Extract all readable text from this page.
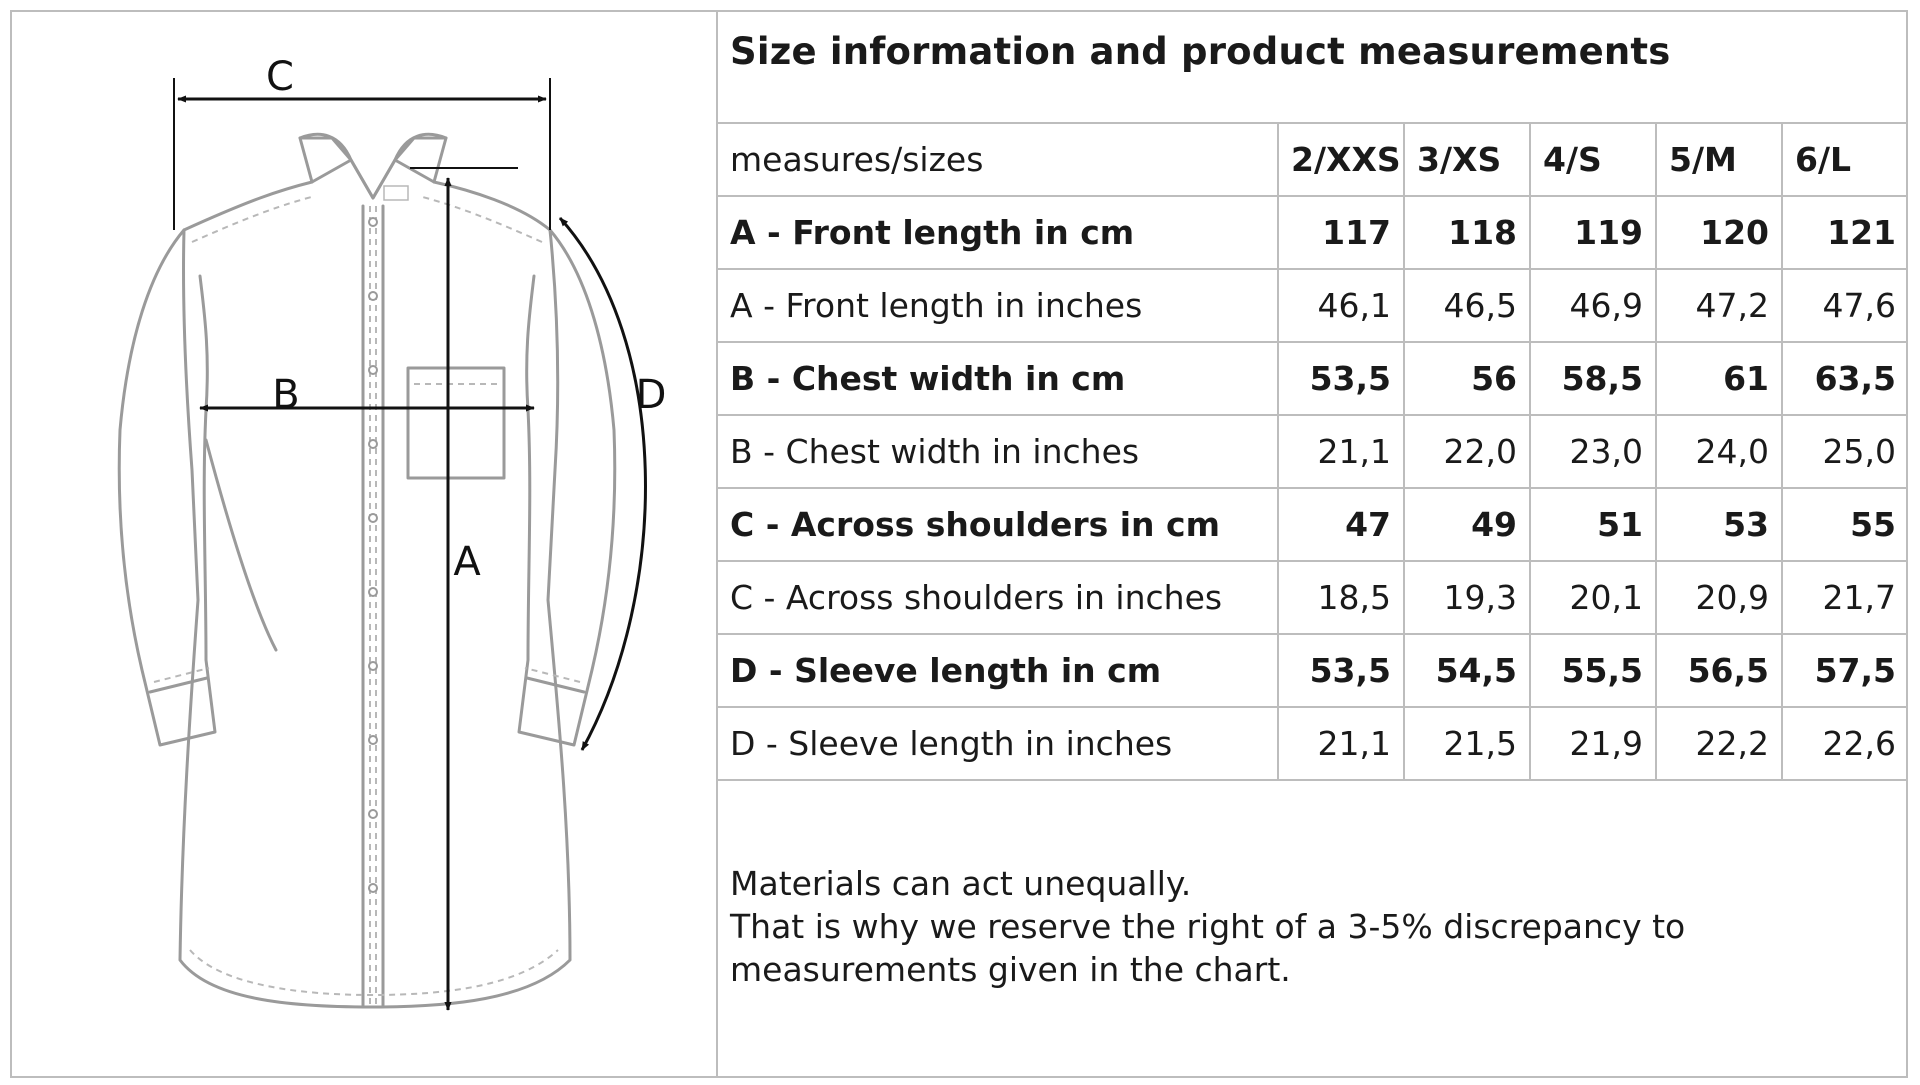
C
B
A
D
Size information and product measurements
measures/sizes	2/XXS	3/XS	4/S	5/M	6/L
A - Front length in cm	117	118	119	120	121
A - Front length in inches	46,1	46,5	46,9	47,2	47,6
B - Chest width in cm	53,5	56	58,5	61	63,5
B - Chest width in inches	21,1	22,0	23,0	24,0	25,0
C - Across shoulders in cm	47	49	51	53	55
C - Across shoulders in inches	18,5	19,3	20,1	20,9	21,7
D - Sleeve length in cm	53,5	54,5	55,5	56,5	57,5
D - Sleeve length in inches	21,1	21,5	21,9	22,2	22,6

Materials can act unequally.

That is why we reserve the right of a 3-5% discrepancy to measurements given in the chart.
